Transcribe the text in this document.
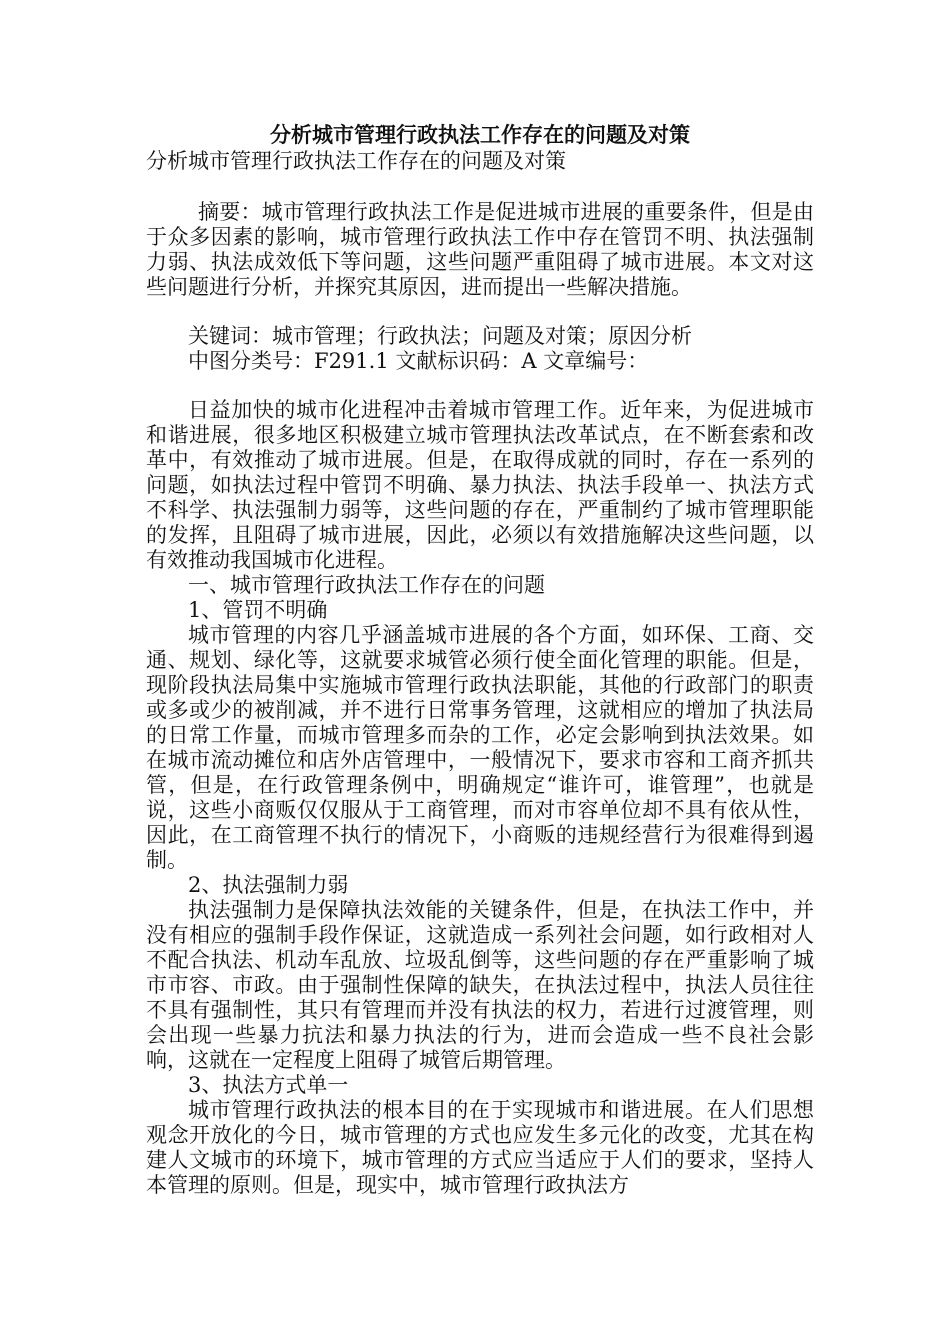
分析城市管理行政执法工作存在的问题及对策
分析城市管理行政执法工作存在的问题及对策

摘要：城市管理行政执法工作是促进城市进展的重要条件，但是由于众多因素的影响，城市管理行政执法工作中存在管罚不明、执法强制力弱、执法成效低下等问题，这些问题严重阻碍了城市进展。本文对这些问题进行分析，并探究其原因，进而提出一些解决措施。

关键词：城市管理；行政执法；问题及对策；原因分析

中图分类号：F291.1 文献标识码：A 文章编号：

日益加快的城市化进程冲击着城市管理工作。近年来，为促进城市和谐进展，很多地区积极建立城市管理执法改革试点，在不断套索和改革中，有效推动了城市进展。但是，在取得成就的同时，存在一系列的问题，如执法过程中管罚不明确、暴力执法、执法手段单一、执法方式不科学、执法强制力弱等，这些问题的存在，严重制约了城市管理职能的发挥，且阻碍了城市进展，因此，必须以有效措施解决这些问题，以有效推动我国城市化进程。

一、城市管理行政执法工作存在的问题

1、管罚不明确

城市管理的内容几乎涵盖城市进展的各个方面，如环保、工商、交通、规划、绿化等，这就要求城管必须行使全面化管理的职能。但是，现阶段执法局集中实施城市管理行政执法职能，其他的行政部门的职责或多或少的被削减，并不进行日常事务管理，这就相应的增加了执法局的日常工作量，而城市管理多而杂的工作，必定会影响到执法效果。如在城市流动摊位和店外店管理中，一般情况下，要求市容和工商齐抓共管，但是，在行政管理条例中，明确规定“谁许可，谁管理”，也就是说，这些小商贩仅仅服从于工商管理，而对市容单位却不具有依从性，因此，在工商管理不执行的情况下，小商贩的违规经营行为很难得到遏制。

2、执法强制力弱

执法强制力是保障执法效能的关键条件，但是，在执法工作中，并没有相应的强制手段作保证，这就造成一系列社会问题，如行政相对人不配合执法、机动车乱放、垃圾乱倒等，这些问题的存在严重影响了城市市容、市政。由于强制性保障的缺失，在执法过程中，执法人员往往不具有强制性，其只有管理而并没有执法的权力，若进行过渡管理，则会出现一些暴力抗法和暴力执法的行为，进而会造成一些不良社会影响，这就在一定程度上阻碍了城管后期管理。

3、执法方式单一

城市管理行政执法的根本目的在于实现城市和谐进展。在人们思想观念开放化的今日，城市管理的方式也应发生多元化的改变，尤其在构建人文城市的环境下，城市管理的方式应当适应于人们的要求，坚持人本管理的原则。但是，现实中，城市管理行政执法方
